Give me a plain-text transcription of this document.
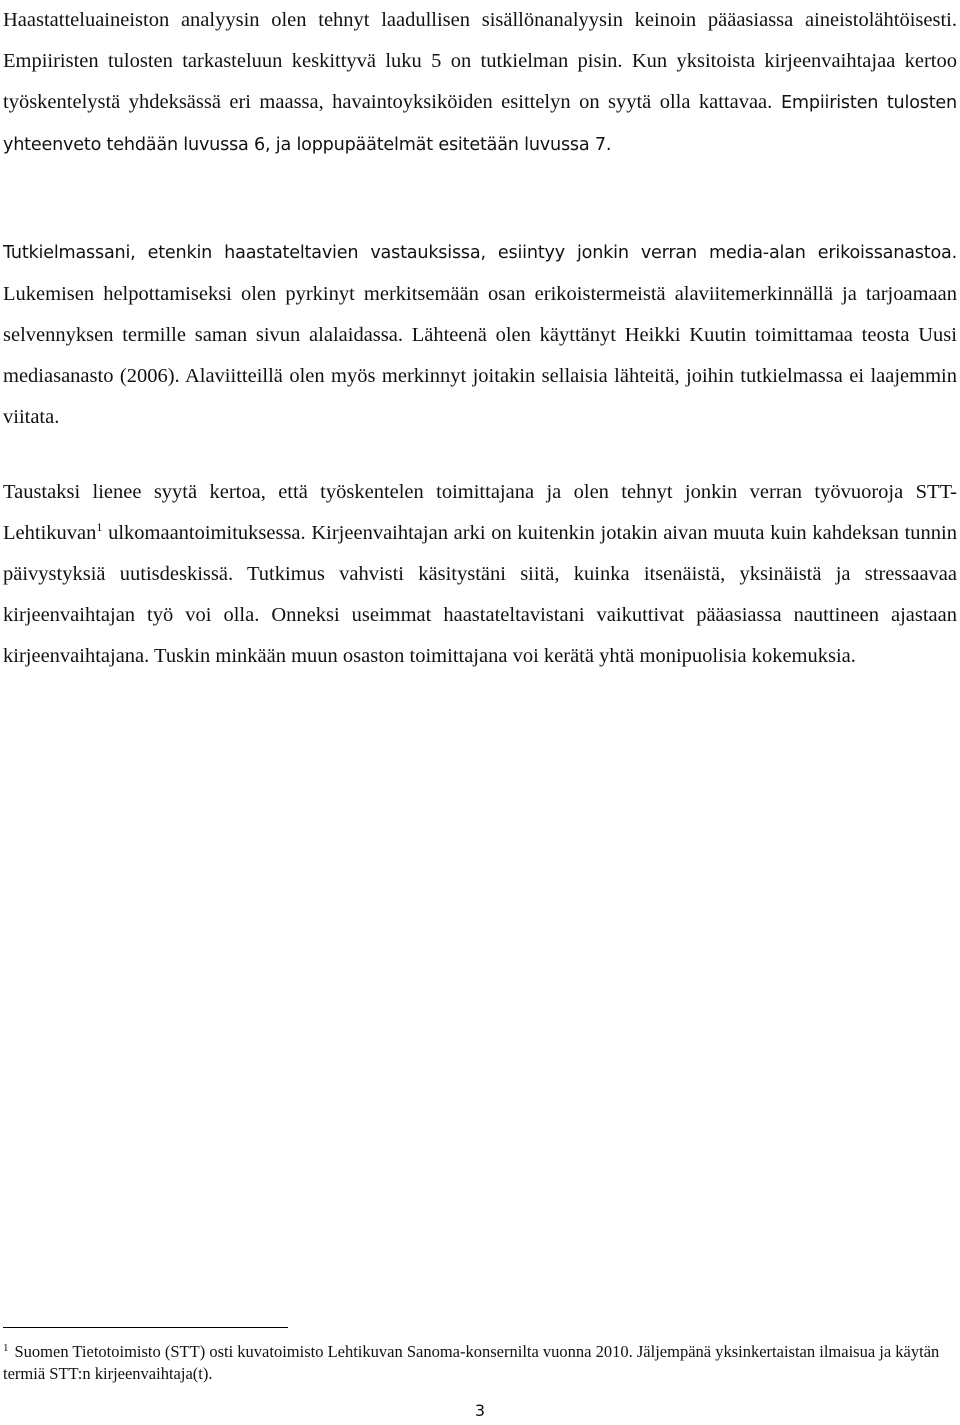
Haastatteluaineiston analyysin olen tehnyt laadullisen sisällönanalyysin keinoin pääasiassa aineistolähtöisesti. Empiiristen tulosten tarkasteluun keskittyvä luku 5 on tutkielman pisin. Kun yksitoista kirjeenvaihtajaa kertoo työskentelystä yhdeksässä eri maassa, havaintoyksiköiden esittelyn on syytä olla kattavaa. Empiiristen tulosten yhteenveto tehdään luvussa 6, ja loppupäätelmät esitetään luvussa 7.

Tutkielmassani, etenkin haastateltavien vastauksissa, esiintyy jonkin verran media-alan erikoissanastoa. Lukemisen helpottamiseksi olen pyrkinyt merkitsemään osan erikoistermeistä alaviitemerkinnällä ja tarjoamaan selvennyksen termille saman sivun alalaidassa. Lähteenä olen käyttänyt Heikki Kuutin toimittamaa teosta Uusi mediasanasto (2006). Alaviitteillä olen myös merkinnyt joitakin sellaisia lähteitä, joihin tutkielmassa ei laajemmin viitata.

Taustaksi lienee syytä kertoa, että työskentelen toimittajana ja olen tehnyt jonkin verran työvuoroja STT-Lehtikuvan$^1$ ulkomaantoimituksessa. Kirjeenvaihtajan arki on kuitenkin jotakin aivan muuta kuin kahdeksan tunnin päivystyksiä uutisdeskissä. Tutkimus vahvisti käsitystäni siitä, kuinka itsenäistä, yksinäistä ja stressaavaa kirjeenvaihtajan työ voi olla. Onneksi useimmat haastateltavistani vaikuttivat pääasiassa nauttineen ajastaan kirjeenvaihtajana. Tuskin minkään muun osaston toimittajana voi kerätä yhtä monipuolisia kokemuksia.

$^1$ Suomen Tietotoimisto (STT) osti kuvatoimisto Lehtikuvan Sanoma-konsernilta vuonna 2010. Jäljempänä yksinkertaistan ilmaisua ja käytän termiä STT:n kirjeenvaihtaja(t).

3
